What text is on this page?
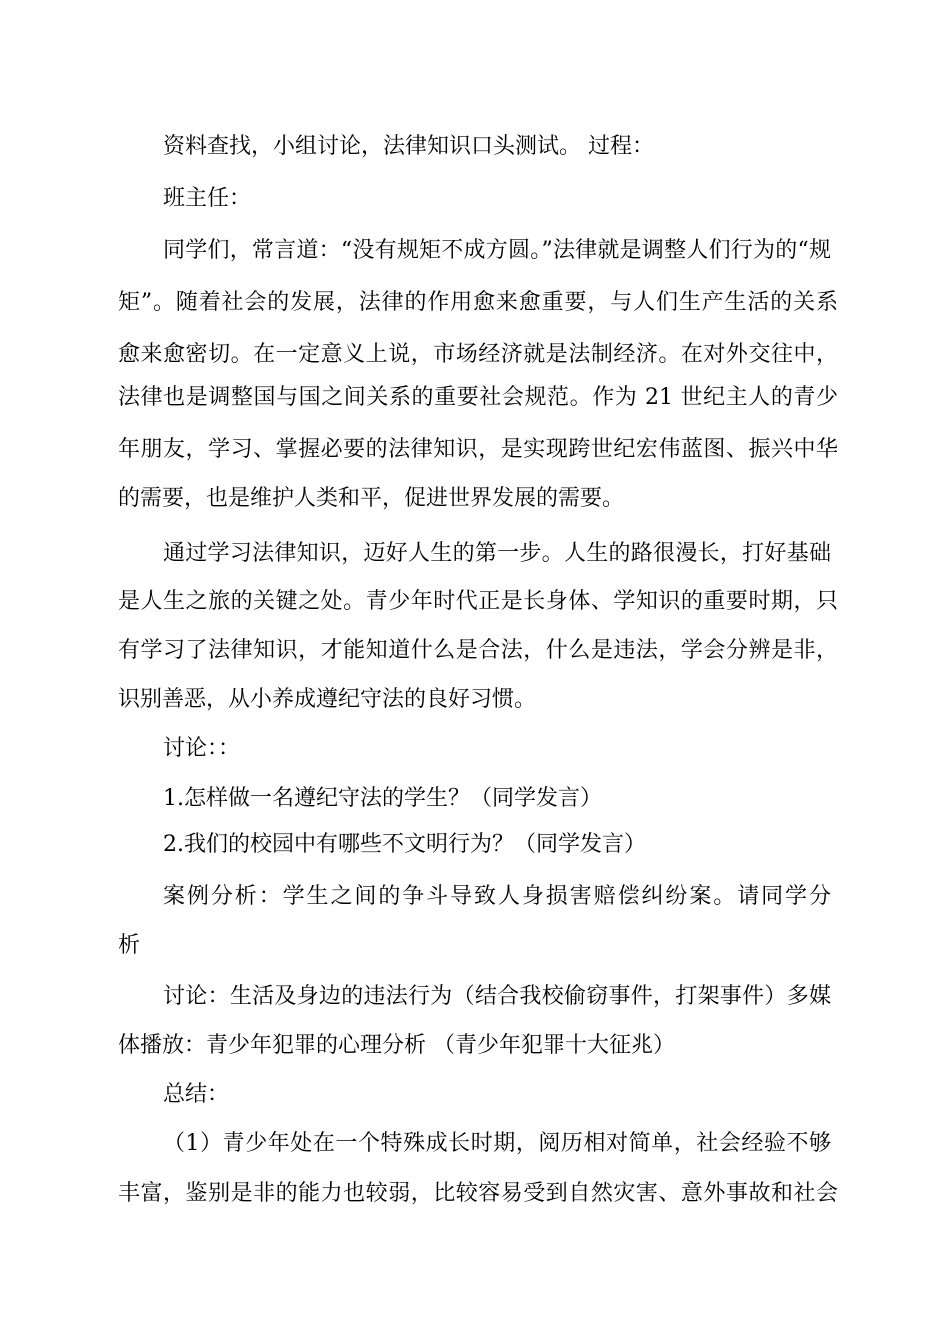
资料查找，小组讨论，法律知识口头测试。 过程：
班主任：
同学们，常言道：“没有规矩不成方圆。”法律就是调整人们行为的“规
矩”。随着社会的发展，法律的作用愈来愈重要，与人们生产生活的关系
愈来愈密切。在一定意义上说，市场经济就是法制经济。在对外交往中，
法律也是调整国与国之间关系的重要社会规范。作为 21 世纪主人的青少
年朋友，学习、掌握必要的法律知识，是实现跨世纪宏伟蓝图、振兴中华
的需要，也是维护人类和平，促进世界发展的需要。
通过学习法律知识，迈好人生的第一步。人生的路很漫长，打好基础
是人生之旅的关键之处。青少年时代正是长身体、学知识的重要时期，只
有学习了法律知识，才能知道什么是合法，什么是违法，学会分辨是非，
识别善恶，从小养成遵纪守法的良好习惯。
讨论：：
1.怎样做一名遵纪守法的学生？（同学发言）
2.我们的校园中有哪些不文明行为？（同学发言）
案例分析：学生之间的争斗导致人身损害赔偿纠纷案。请同学分
析
讨论：生活及身边的违法行为（结合我校偷窃事件，打架事件）多媒
体播放：青少年犯罪的心理分析 （青少年犯罪十大征兆）
总结：
（1）青少年处在一个特殊成长时期，阅历相对简单，社会经验不够
丰富，鉴别是非的能力也较弱，比较容易受到自然灾害、意外事故和社会
